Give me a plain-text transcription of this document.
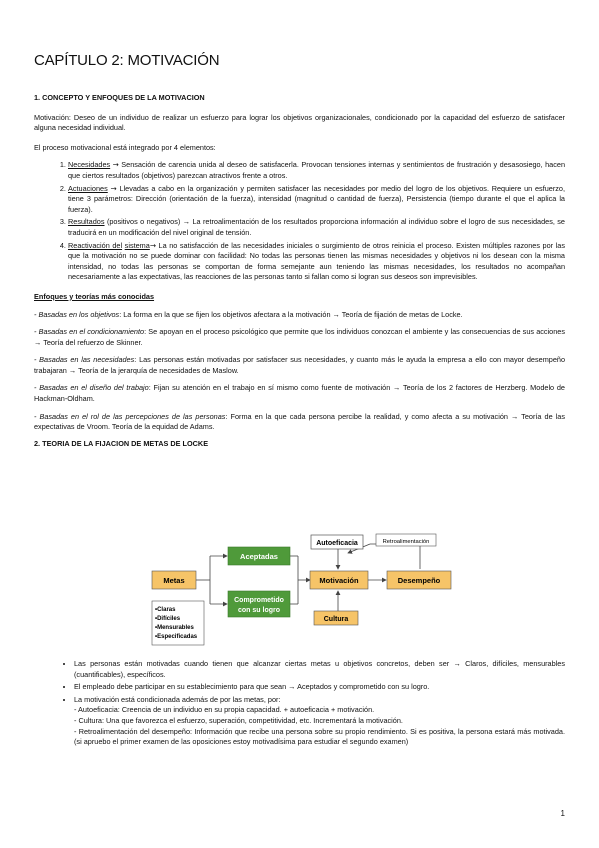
CAPÍTULO 2: MOTIVACIÓN
1. CONCEPTO Y ENFOQUES DE LA MOTIVACION
Motivación: Deseo de un individuo de realizar un esfuerzo para lograr los objetivos organizacionales, condicionado por la capacidad del esfuerzo de satisfacer alguna necesidad individual.
El proceso motivacional está integrado por 4 elementos:
1. Necesidades → Sensación de carencia unida al deseo de satisfacerla. Provocan tensiones internas y sentimientos de frustración y desasosiego, hacen que ciertos resultados (objetivos) parezcan atractivos frente a otros.
2. Actuaciones → Llevadas a cabo en la organización y permiten satisfacer las necesidades por medio del logro de los objetivos. Requiere un esfuerzo, tiene 3 parámetros: Dirección (orientación de la fuerza), intensidad (magnitud o cantidad de fuerza), Persistencia (tiempo durante el que el aplica la fuerza).
3. Resultados (positivos o negativos) → La retroalimentación de los resultados proporciona información al individuo sobre el logro de sus necesidades, se traducirá en un modificación del nivel original de tensión.
4. Reactivación del sistema→ La no satisfacción de las necesidades iniciales o surgimiento de otros reinicia el proceso. Existen múltiples razones por las que la motivación no se puede dominar con facilidad: No todas las personas tienen las mismas necesidades y objetivos ni los desean con la misma intensidad, no todas las personas se comportan de forma semejante aun teniendo las mismas necesidades, los resultados no acompañan necesariamente a las expectativas, las reacciones de las personas tanto si fallan como si logran sus deseos son imprevisibles.
Enfoques y teorías más conocidas
- Basadas en los objetivos: La forma en la que se fijen los objetivos afectara a la motivación → Teoría de fijación de metas de Locke.
- Basadas en el condicionamiento: Se apoyan en el proceso psicológico que permite que los individuos conozcan el ambiente y las consecuencias de sus acciones → Teoría del refuerzo de Skinner.
- Basadas en las necesidades: Las personas están motivadas por satisfacer sus necesidades, y cuanto más le ayuda la empresa a ello con mayor desempeño trabajaran → Teoría de la jerarquía de necesidades de Maslow.
- Basadas en el diseño del trabajo: Fijan su atención en el trabajo en sí mismo como fuente de motivación → Teoría de los 2 factores de Herzberg. Modelo de Hackman-Oldham.
- Basadas en el rol de las percepciones de las personas: Forma en la que cada persona percibe la realidad, y como afecta a su motivación → Teoría de las expectativas de Vroom. Teoría de la equidad de Adams.
2. TEORIA DE LA FIJACION DE METAS DE LOCKE
Metas
Aceptadas
Comprometido
con su logro
Autoeficacia	Retroalimentación
Motivación	Desempeño
Cultura
•Claras
•Difíciles
•Mensurables
•Especificadas
• Las personas están motivadas cuando tienen que alcanzar ciertas metas u objetivos concretos, deben ser → Claros, difíciles, mensurables (cuantificables), específicos.
• El empleado debe participar en su establecimiento para que sean → Aceptados y comprometido con su logro.
• La motivación está condicionada además de por las metas, por:
- Autoeficacia: Creencia de un individuo en su propia capacidad. + autoeficacia + motivación.
- Cultura: Una que favorezca el esfuerzo, superación, competitividad, etc. Incrementará la motivación.
- Retroalimentación del desempeño: Información que recibe una persona sobre su propio rendimiento. Si es positiva, la persona estará más motivada. (si apruebo el primer examen de las oposiciones estoy motivadísima para estudiar el segundo examen)
1
